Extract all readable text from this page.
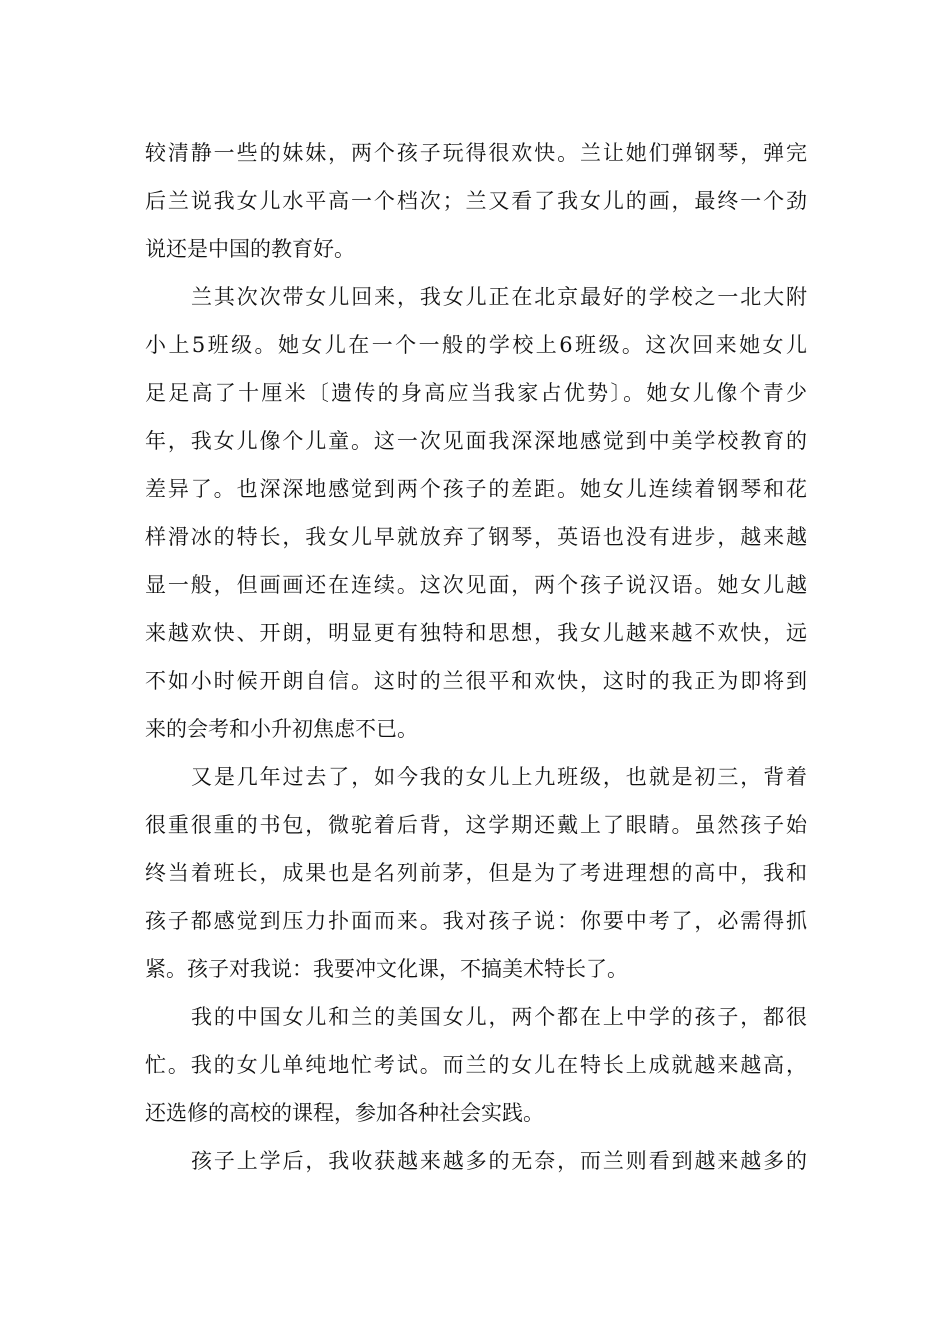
较清静一些的妹妹，两个孩子玩得很欢快。兰让她们弹钢琴，弹完
后兰说我女儿水平高一个档次；兰又看了我女儿的画，最终一个劲
说还是中国的教育好。
兰其次次带女儿回来，我女儿正在北京最好的学校之一北大附
小上5班级。她女儿在一个一般的学校上6班级。这次回来她女儿
足足高了十厘米〔遗传的身高应当我家占优势〕。她女儿像个青少
年，我女儿像个儿童。这一次见面我深深地感觉到中美学校教育的
差异了。也深深地感觉到两个孩子的差距。她女儿连续着钢琴和花
样滑冰的特长，我女儿早就放弃了钢琴，英语也没有进步，越来越
显一般，但画画还在连续。这次见面，两个孩子说汉语。她女儿越
来越欢快、开朗，明显更有独特和思想，我女儿越来越不欢快，远
不如小时候开朗自信。这时的兰很平和欢快，这时的我正为即将到
来的会考和小升初焦虑不已。
又是几年过去了，如今我的女儿上九班级，也就是初三，背着
很重很重的书包，微驼着后背，这学期还戴上了眼睛。虽然孩子始
终当着班长，成果也是名列前茅，但是为了考进理想的高中，我和
孩子都感觉到压力扑面而来。我对孩子说：你要中考了，必需得抓
紧。孩子对我说：我要冲文化课，不搞美术特长了。
我的中国女儿和兰的美国女儿，两个都在上中学的孩子，都很
忙。我的女儿单纯地忙考试。而兰的女儿在特长上成就越来越高，
还选修的高校的课程，参加各种社会实践。
孩子上学后，我收获越来越多的无奈，而兰则看到越来越多的
